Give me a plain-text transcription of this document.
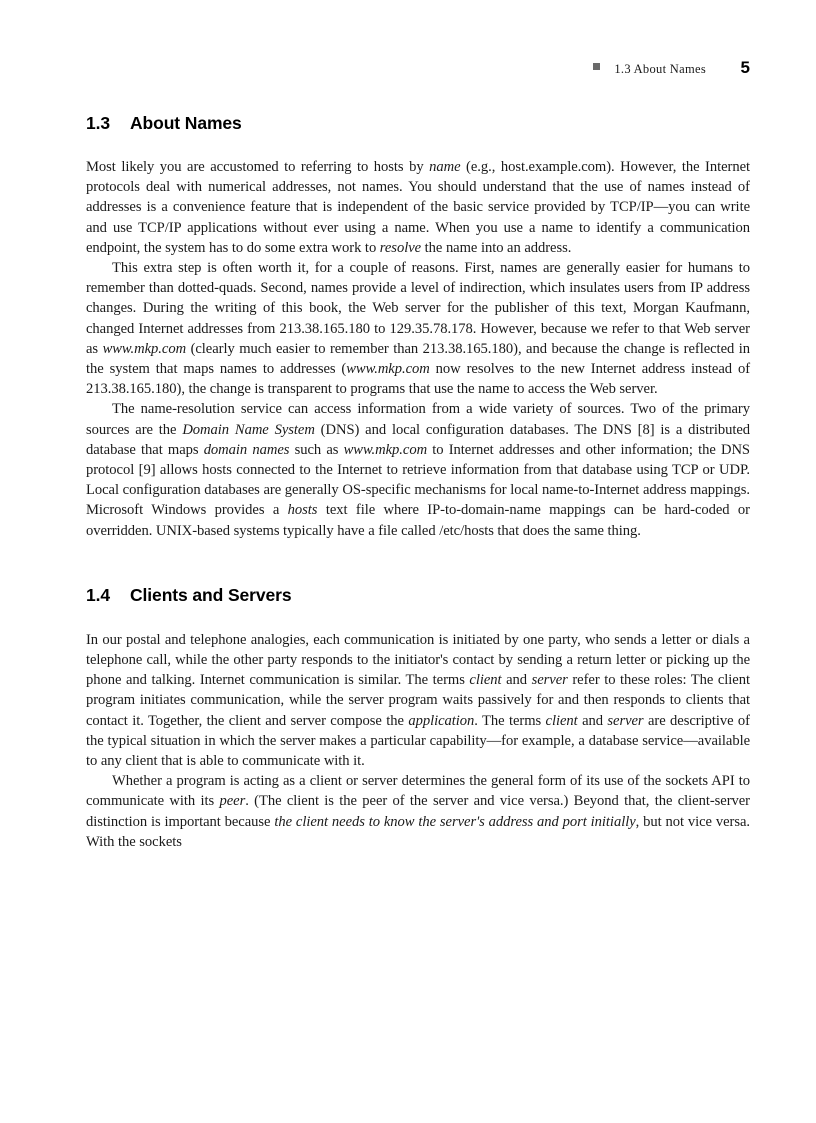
1.3 About Names 5
1.3 About Names

Most likely you are accustomed to referring to hosts by name (e.g., host.example.com). However, the Internet protocols deal with numerical addresses, not names. You should understand that the use of names instead of addresses is a convenience feature that is independent of the basic service provided by TCP/IP—you can write and use TCP/IP applications without ever using a name. When you use a name to identify a communication endpoint, the system has to do some extra work to resolve the name into an address.

This extra step is often worth it, for a couple of reasons. First, names are generally easier for humans to remember than dotted-quads. Second, names provide a level of indirection, which insulates users from IP address changes. During the writing of this book, the Web server for the publisher of this text, Morgan Kaufmann, changed Internet addresses from 213.38.165.180 to 129.35.78.178. However, because we refer to that Web server as www.mkp.com (clearly much easier to remember than 213.38.165.180), and because the change is reflected in the system that maps names to addresses (www.mkp.com now resolves to the new Internet address instead of 213.38.165.180), the change is transparent to programs that use the name to access the Web server.

The name-resolution service can access information from a wide variety of sources. Two of the primary sources are the Domain Name System (DNS) and local configuration databases. The DNS [8] is a distributed database that maps domain names such as www.mkp.com to Internet addresses and other information; the DNS protocol [9] allows hosts connected to the Internet to retrieve information from that database using TCP or UDP. Local configuration databases are generally OS-specific mechanisms for local name-to-Internet address mappings. Microsoft Windows provides a hosts text file where IP-to-domain-name mappings can be hard-coded or overridden. UNIX-based systems typically have a file called /etc/hosts that does the same thing.

1.4 Clients and Servers

In our postal and telephone analogies, each communication is initiated by one party, who sends a letter or dials a telephone call, while the other party responds to the initiator's contact by sending a return letter or picking up the phone and talking. Internet communication is similar. The terms client and server refer to these roles: The client program initiates communication, while the server program waits passively for and then responds to clients that contact it. Together, the client and server compose the application. The terms client and server are descriptive of the typical situation in which the server makes a particular capability—for example, a database service—available to any client that is able to communicate with it.

Whether a program is acting as a client or server determines the general form of its use of the sockets API to communicate with its peer. (The client is the peer of the server and vice versa.) Beyond that, the client-server distinction is important because the client needs to know the server's address and port initially, but not vice versa. With the sockets
